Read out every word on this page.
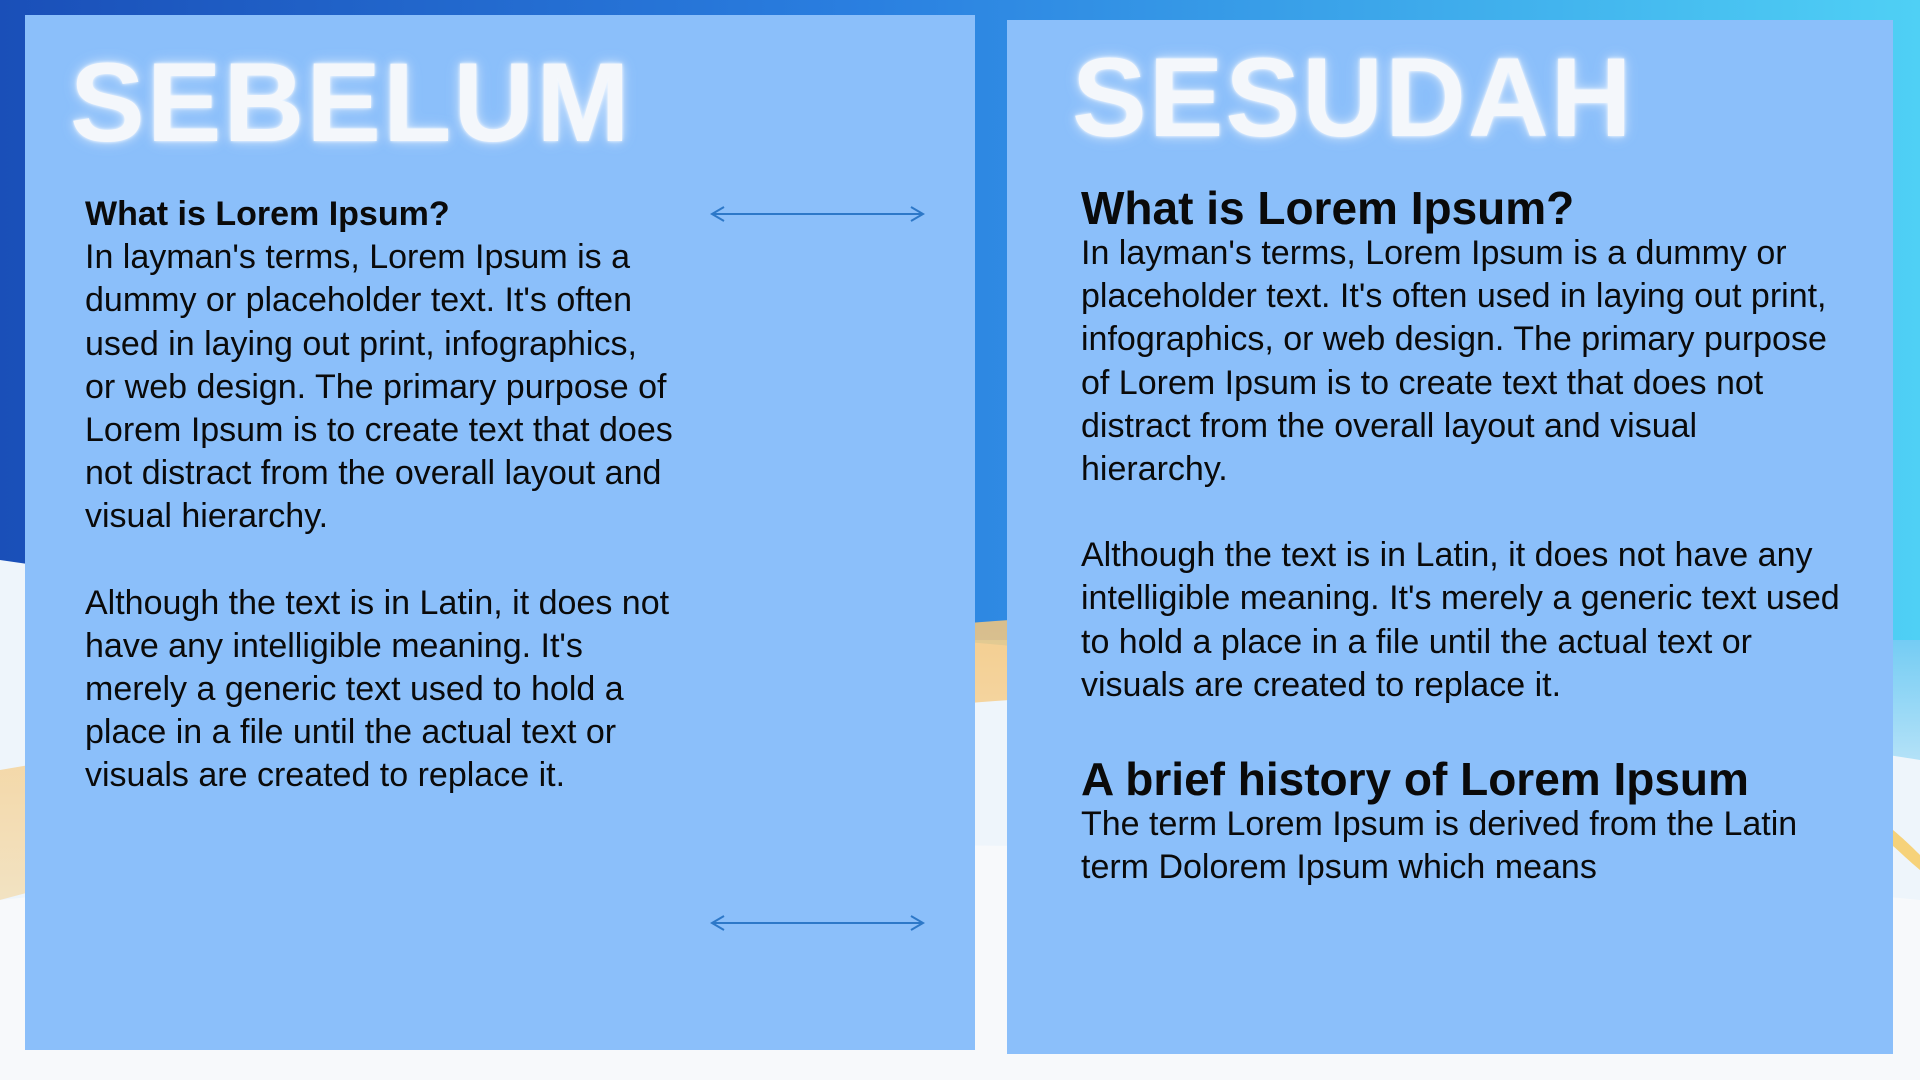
SEBELUM
What is Lorem Ipsum?

In layman's terms, Lorem Ipsum is a dummy or placeholder text. It's often used in laying out print, infographics, or web design. The primary purpose of Lorem Ipsum is to create text that does not distract from the overall layout and visual hierarchy.

Although the text is in Latin, it does not have any intelligible meaning. It's merely a generic text used to hold a place in a file until the actual text or visuals are created to replace it.

SESUDAH
What is Lorem Ipsum?

In layman's terms, Lorem Ipsum is a dummy or placeholder text. It's often used in laying out print, infographics, or web design. The primary purpose of Lorem Ipsum is to create text that does not distract from the overall layout and visual hierarchy.

Although the text is in Latin, it does not have any intelligible meaning. It's merely a generic text used to hold a place in a file until the actual text or visuals are created to replace it.

A brief history of Lorem Ipsum

The term Lorem Ipsum is derived from the Latin term Dolorem Ipsum which means
